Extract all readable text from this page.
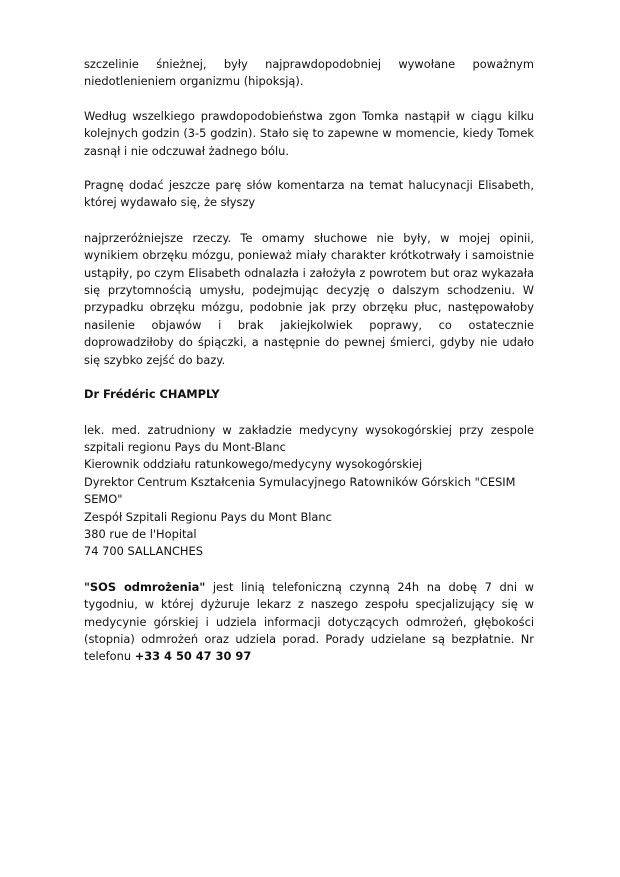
szczelinie śnieżnej, były najprawdopodobniej wywołane poważnym niedotlenieniem organizmu (hipoksją).

Według wszelkiego prawdopodobieństwa zgon Tomka nastąpił w ciągu kilku kolejnych godzin (3-5 godzin). Stało się to zapewne w momencie, kiedy Tomek zasnął i nie odczuwał żadnego bólu.

Pragnę dodać jeszcze parę słów komentarza na temat halucynacji Elisabeth, której wydawało się, że słyszy

najprzeróżniejsze rzeczy. Te omamy słuchowe nie były, w mojej opinii, wynikiem obrzęku mózgu, ponieważ miały charakter krótkotrwały i samoistnie ustąpiły, po czym Elisabeth odnalazła i założyła z powrotem but oraz wykazała się przytomnością umysłu, podejmując decyzję o dalszym schodzeniu. W przypadku obrzęku mózgu, podobnie jak przy obrzęku płuc, następowałoby nasilenie objawów i brak jakiejkolwiek poprawy, co ostatecznie doprowadziłoby do śpiączki, a następnie do pewnej śmierci, gdyby nie udało się szybko zejść do bazy.

Dr Frédéric CHAMPLY

lek. med. zatrudniony w zakładzie medycyny wysokogórskiej przy zespole szpitali regionu Pays du Mont-Blanc

Kierownik oddziału ratunkowego/medycyny wysokogórskiej

Dyrektor Centrum Kształcenia Symulacyjnego Ratowników Górskich "CESIM SEMO"

Zespół Szpitali Regionu Pays du Mont Blanc

380 rue de l'Hopital

74 700 SALLANCHES

"SOS odmrożenia" jest linią telefoniczną czynną 24h na dobę 7 dni w tygodniu, w której dyżuruje lekarz z naszego zespołu specjalizujący się w medycynie górskiej i udziela informacji dotyczących odmrożeń, głębokości (stopnia) odmrożeń oraz udziela porad. Porady udzielane są bezpłatnie. Nr telefonu +33 4 50 47 30 97
